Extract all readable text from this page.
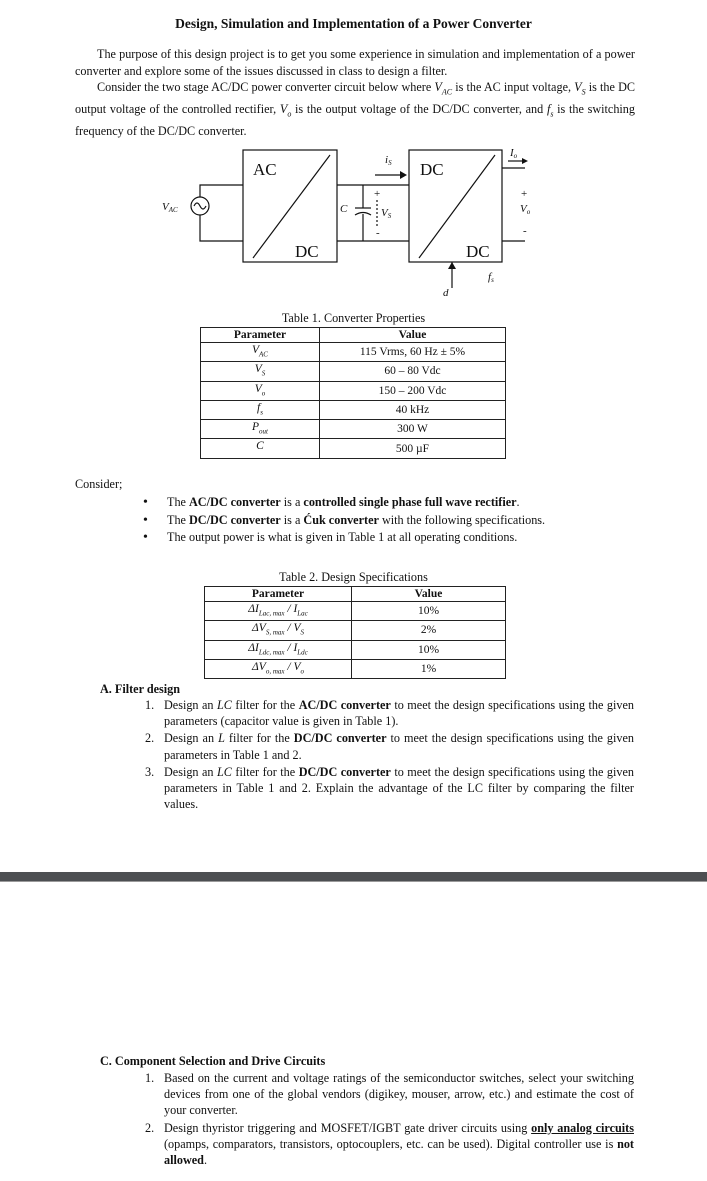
Design, Simulation and Implementation of a Power Converter

The purpose of this design project is to get you some experience in simulation and implementation of a power converter and explore some of the issues discussed in class to design a filter.

Consider the two stage AC/DC power converter circuit below where $V_{AC}$ is the AC input voltage, $V_S$ is the DC output voltage of the controlled rectifier, $V_o$ is the output voltage of the DC/DC converter, and $f_s$ is the switching frequency of the DC/DC converter.

AC
DC
DC
DC
VAC	C	VS
iS
Io
Vo
fs
d
+
-
+
-
Table 1. Converter Properties
Parameter	Value
$V_{AC}$	115 Vrms, 60 Hz ± 5%
$V_S$	60 – 80 Vdc
$V_o$	150 – 200 Vdc
$f_s$	40 kHz
$P_{out}$	300 W
C	500 µF
Consider;
• The AC/DC converter is a controlled single phase full wave rectifier.
• The DC/DC converter is a Ćuk converter with the following specifications.
• The output power is what is given in Table 1 at all operating conditions.
Table 2. Design Specifications
Parameter	Value
$\Delta I_{Lac, max} / I_{Lac}$	10%
$\Delta V_{S, max} / V_S$	2%
$\Delta I_{Ldc, max} / I_{Ldc}$	10%
$\Delta V_{o, max} / V_o$	1%
A. Filter design
1. Design an LC filter for the AC/DC converter to meet the design specifications using the given parameters (capacitor value is given in Table 1).
2. Design an L filter for the DC/DC converter to meet the design specifications using the given parameters in Table 1 and 2.
3. Design an LC filter for the DC/DC converter to meet the design specifications using the given parameters in Table 1 and 2. Explain the advantage of the LC filter by comparing the filter values.
C. Component Selection and Drive Circuits
1. Based on the current and voltage ratings of the semiconductor switches, select your switching devices from one of the global vendors (digikey, mouser, arrow, etc.) and estimate the cost of your converter.
2. Design thyristor triggering and MOSFET/IGBT gate driver circuits using only analog circuits (opamps, comparators, transistors, optocouplers, etc. can be used). Digital controller use is not allowed.
